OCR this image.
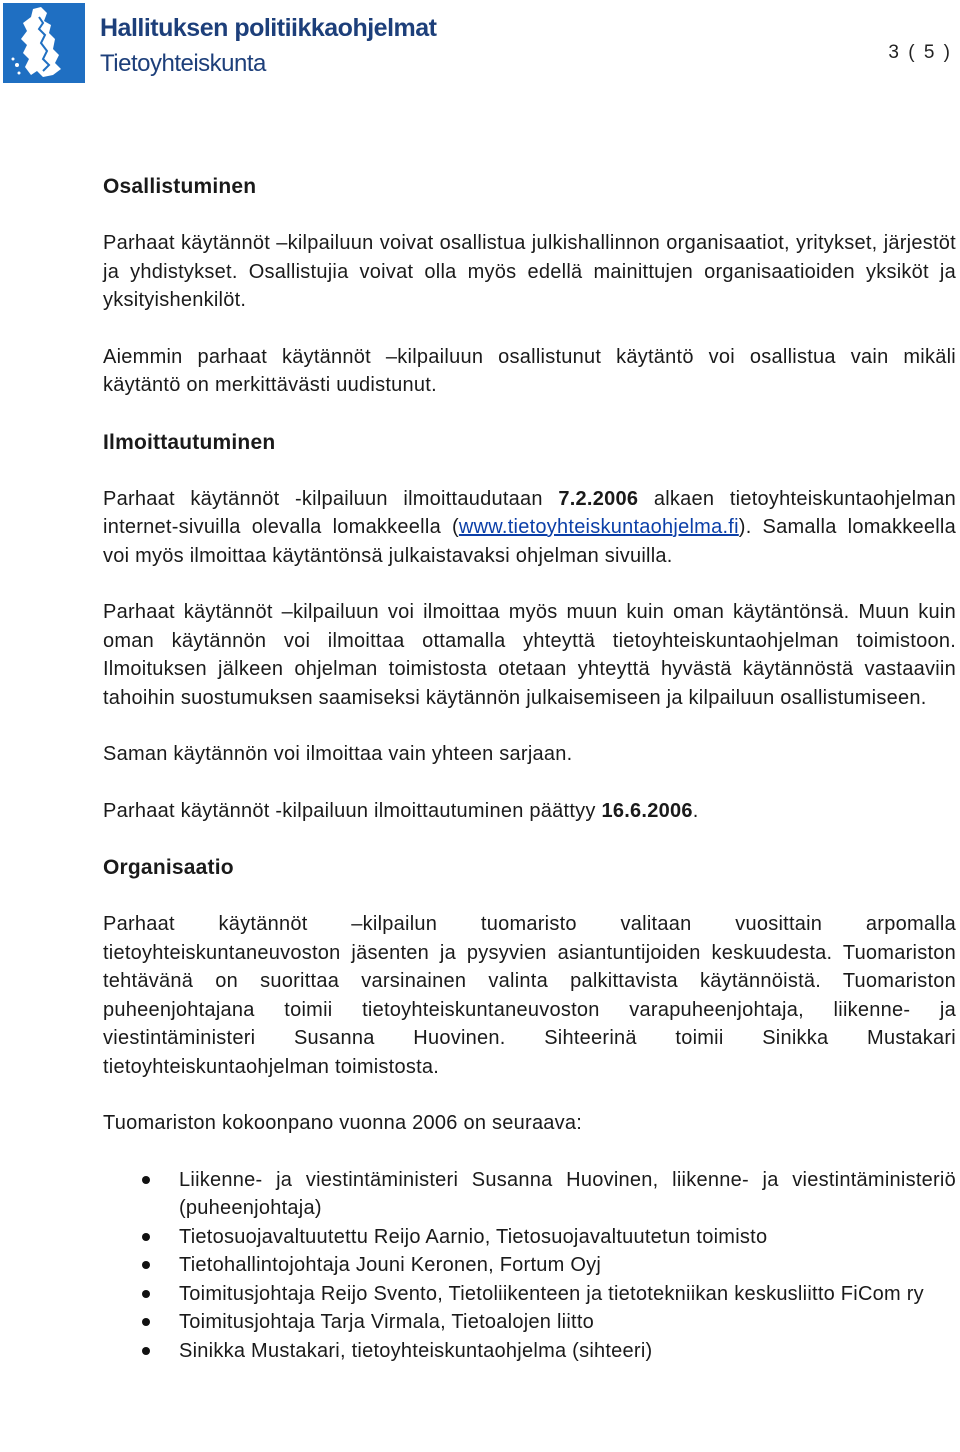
Hallituksen politiikkaohjelmat
Tietoyhteiskunta	3 ( 5 )
Osallistuminen

Parhaat käytännöt –kilpailuun voivat osallistua julkishallinnon organisaatiot, yritykset, järjestöt ja yhdistykset. Osallistujia voivat olla myös edellä mainittujen organisaatioiden yksiköt ja yksityishenkilöt.

Aiemmin parhaat käytännöt –kilpailuun osallistunut käytäntö voi osallistua vain mikäli käytäntö on merkittävästi uudistunut.

Ilmoittautuminen

Parhaat käytännöt -kilpailuun ilmoittaudutaan 7.2.2006 alkaen tietoyhteiskuntaohjelman internet-sivuilla olevalla lomakkeella (www.tietoyhteiskuntaohjelma.fi). Samalla lomakkeella voi myös ilmoittaa käytäntönsä julkaistavaksi ohjelman sivuilla.

Parhaat käytännöt –kilpailuun voi ilmoittaa myös muun kuin oman käytäntönsä. Muun kuin oman käytännön voi ilmoittaa ottamalla yhteyttä tietoyhteiskuntaohjelman toimistoon. Ilmoituksen jälkeen ohjelman toimistosta otetaan yhteyttä hyvästä käytännöstä vastaaviin tahoihin suostumuksen saamiseksi käytännön julkaisemiseen ja kilpailuun osallistumiseen.

Saman käytännön voi ilmoittaa vain yhteen sarjaan.

Parhaat käytännöt -kilpailuun ilmoittautuminen päättyy 16.6.2006.

Organisaatio

Parhaat käytännöt –kilpailun tuomaristo valitaan vuosittain arpomalla tietoyhteiskuntaneuvoston jäsenten ja pysyvien asiantuntijoiden keskuudesta. Tuomariston tehtävänä on suorittaa varsinainen valinta palkittavista käytännöistä. Tuomariston puheenjohtajana toimii tietoyhteiskuntaneuvoston varapuheenjohtaja, liikenne- ja viestintäministeri Susanna Huovinen. Sihteerinä toimii Sinikka Mustakari tietoyhteiskuntaohjelman toimistosta.

Tuomariston kokoonpano vuonna 2006 on seuraava:

Liikenne- ja viestintäministeri Susanna Huovinen, liikenne- ja viestintäministeriö (puheenjohtaja)
Tietosuojavaltuutettu Reijo Aarnio, Tietosuojavaltuutetun toimisto
Tietohallintojohtaja Jouni Keronen, Fortum Oyj
Toimitusjohtaja Reijo Svento, Tietoliikenteen ja tietotekniikan keskusliitto FiCom ry
Toimitusjohtaja Tarja Virmala, Tietoalojen liitto
Sinikka Mustakari, tietoyhteiskuntaohjelma (sihteeri)
